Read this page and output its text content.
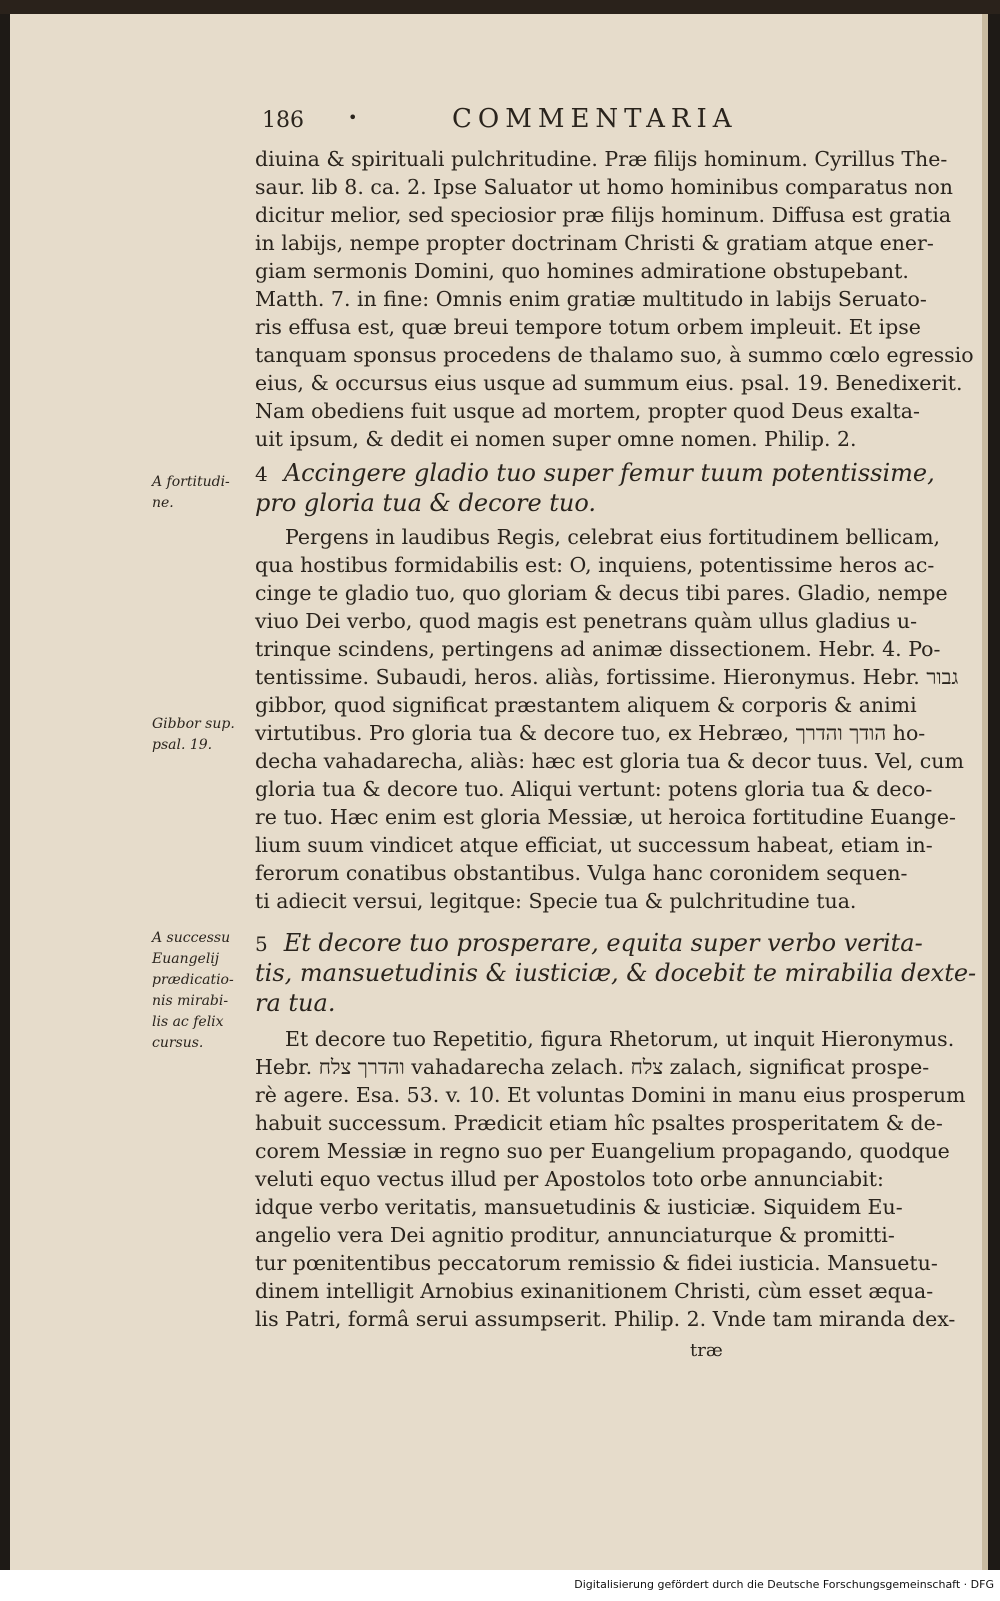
186	•	COMMENTARIA
diuina & spirituali pulchritudine. Præ filijs hominum. Cyrillus The-
saur. lib 8. ca. 2. Ipse Saluator ut homo hominibus comparatus non
dicitur melior, sed speciosior præ filijs hominum. Diffusa est gratia
in labijs, nempe propter doctrinam Christi & gratiam atque ener-
giam sermonis Domini, quo homines admiratione obstupebant.
Matth. 7. in fine: Omnis enim gratiæ multitudo in labijs Seruato-
ris effusa est, quæ breui tempore totum orbem impleuit. Et ipse
tanquam sponsus procedens de thalamo suo, à summo cœlo egressio
eius, & occursus eius usque ad summum eius. psal. 19. Benedixerit.
Nam obediens fuit usque ad mortem, propter quod Deus exalta-
uit ipsum, & dedit ei nomen super omne nomen. Philip. 2.
4 Accingere gladio tuo super femur tuum potentissime,
pro gloria tua & decore tuo.
Pergens in laudibus Regis, celebrat eius fortitudinem bellicam,
qua hostibus formidabilis est: O, inquiens, potentissime heros ac-
cinge te gladio tuo, quo gloriam & decus tibi pares. Gladio, nempe
viuo Dei verbo, quod magis est penetrans quàm ullus gladius u-
trinque scindens, pertingens ad animæ dissectionem. Hebr. 4. Po-
tentissime. Subaudi, heros. aliàs, fortissime. Hieronymus. Hebr. גבור
gibbor, quod significat præstantem aliquem & corporis & animi
virtutibus. Pro gloria tua & decore tuo, ex Hebræo, הודך והדרך ho-
decha vahadarecha, aliàs: hæc est gloria tua & decor tuus. Vel, cum
gloria tua & decore tuo. Aliqui vertunt: potens gloria tua & deco-
re tuo. Hæc enim est gloria Messiæ, ut heroica fortitudine Euange-
lium suum vindicet atque efficiat, ut successum habeat, etiam in-
ferorum conatibus obstantibus. Vulga hanc coronidem sequen-
ti adiecit versui, legitque: Specie tua & pulchritudine tua.
5 Et decore tuo prosperare, equita super verbo verita-
tis, mansuetudinis & iusticiæ, & docebit te mirabilia dexte-
ra tua.
Et decore tuo Repetitio, figura Rhetorum, ut inquit Hieronymus.
Hebr. והדרך צלח vahadarecha zelach. צלח zalach, significat prospe-
rè agere. Esa. 53. v. 10. Et voluntas Domini in manu eius prosperum
habuit successum. Prædicit etiam hîc psaltes prosperitatem & de-
corem Messiæ in regno suo per Euangelium propagando, quodque
veluti equo vectus illud per Apostolos toto orbe annunciabit:
idque verbo veritatis, mansuetudinis & iusticiæ. Siquidem Eu-
angelio vera Dei agnitio proditur, annunciaturque & promitti-
tur pœnitentibus peccatorum remissio & fidei iusticia. Mansuetu-
dinem intelligit Arnobius exinanitionem Christi, cùm esset æqua-
lis Patri, formâ serui assumpserit. Philip. 2. Vnde tam miranda dex-
træ
A fortitudi-
ne.
Gibbor sup.
psal. 19.
A successu
Euangelij
prædicatio-
nis mirabi-
lis ac felix
cursus.
Digitalisierung gefördert durch die Deutsche Forschungsgemeinschaft · DFG
